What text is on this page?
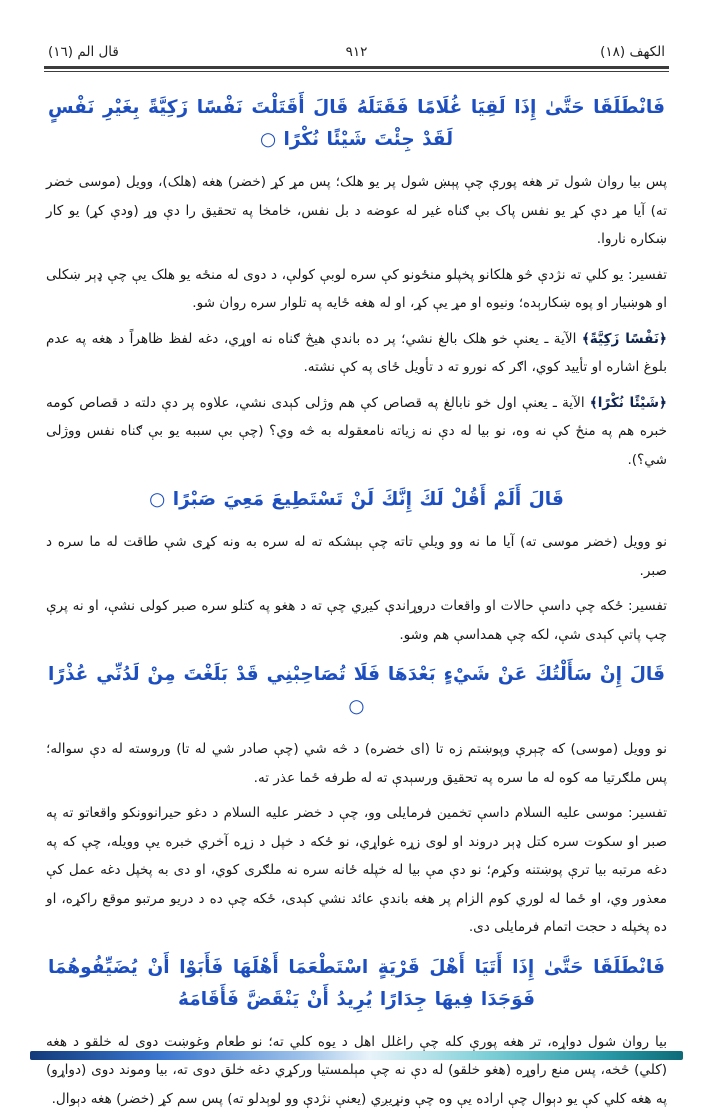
الكهف (١٨)
٩١٢
قال الم (١٦)
فَانْطَلَقَا حَتَّىٰ إِذَا لَقِيَا غُلَامًا فَقَتَلَهُ قَالَ أَقَتَلْتَ نَفْسًا زَكِيَّةً بِغَيْرِ نَفْسٍ لَقَدْ جِئْتَ شَيْئًا نُكْرًا ○

پس بیا روان شول تر هغه پورې چې پېښ شول پر یو هلک؛ پس مړ کړ (خضر) هغه (هلک)، وویل (موسی خضر ته) آیا مړ دې کړ یو نفس پاک بې ګناه غیر له عوضه د بل نفس، خامخا په تحقیق را دې وړ (ودې کړ) یو کار ښکاره ناروا.

تفسیر: یو کلي ته نژدې څو هلکانو پخپلو منځونو کې سره لوبې کولې، د دوی له منځه یو هلک یې چې ډېر ښکلی او هوښیار او پوه ښکارېده؛ ونیوه او مړ یې کړ، او له هغه ځایه په تلوار سره روان شو.

﴿نَفْسًا زَكِيَّةً﴾ الآیة ـ یعنې خو هلک بالغ نشي؛ پر ده باندې هیڅ ګناه نه اوړي، دغه لفظ ظاهراً د هغه په عدم بلوغ اشاره او تأیید کوي، اګر که نورو ته د تأویل ځای په کې نشته.

﴿شَيْئًا نُكْرًا﴾ الآیة ـ یعنې اول خو نابالغ په قصاص کې هم وژلی کېدی نشي، علاوه پر دې دلته د قصاص کومه خبره هم په منځ کې نه وه، نو بیا له دې نه زیاته نامعقوله به څه وي؟ (چې بې سببه یو بې ګناه نفس ووژلی شي؟).

قَالَ أَلَمْ أَقُلْ لَكَ إِنَّكَ لَنْ تَسْتَطِيعَ مَعِيَ صَبْرًا ○

نو وویل (خضر موسی ته) آیا ما نه وو ویلي تاته چې بېشکه ته له سره به ونه کړی شې طاقت له ما سره د صبر.

تفسیر: ځکه چې داسې حالات او واقعات دروړاندې کیږي چې ته د هغو په کتلو سره صبر کولی نشې، او نه پرې چپ پاتې کېدی شې، لکه چې همداسې هم وشو.

قَالَ إِنْ سَأَلْتُكَ عَنْ شَيْءٍ بَعْدَهَا فَلَا تُصَاحِبْنِي قَدْ بَلَغْتَ مِنْ لَدُنِّي عُذْرًا ○

نو وویل (موسی) که چېرې وپوښتم زه تا (ای خضره) د څه شي (چې صادر شي له تا) وروسته له دې سواله؛ پس ملګرتیا مه کوه له ما سره په تحقیق ورسېدې ته له طرفه ځما عذر ته.

تفسیر: موسی علیه السلام داسې تخمین فرمایلی وو، چې د خضر علیه السلام د دغو حیرانوونکو واقعاتو ته په صبر او سکوت سره کتل ډېر دروند او لوی زړه غواړي، نو ځکه د خپل د زړه آخري خبره یې وویله، چې که په دغه مرتبه بیا ترې پوښتنه وکړم؛ نو دې مې بیا له خپله ځانه سره نه ملګری کوي، او دی به پخپل دغه عمل کې معذور وي، او ځما له لوري کوم الزام پر هغه باندې عائد نشي کېدی، ځکه چې ده د دریو مرتبو موقع راکړه، او ده پخپله د حجت اتمام فرمایلی دی.

فَانْطَلَقَا حَتَّىٰ إِذَا أَتَيَا أَهْلَ قَرْيَةٍ اسْتَطْعَمَا أَهْلَهَا فَأَبَوْا أَنْ يُضَيِّفُوهُمَا فَوَجَدَا فِيهَا جِدَارًا يُرِيدُ أَنْ يَنْقَضَّ فَأَقَامَهُ

بیا روان شول دواړه، تر هغه پورې کله چې راغلل اهل د یوه کلي ته؛ نو طعام وغوښت دوی له خلقو د هغه (کلي) څخه، پس منع راوړه (هغو خلقو) له دې نه چې مېلمستیا ورکړي دغه خلق دوی ته، بیا وموند دوی (دواړو) په هغه کلي کې یو دېوال چې اراده یې وه چې ونړیږي (یعنې نژدې وو لوېدلو ته) پس سم کړ (خضر) هغه دېوال.
